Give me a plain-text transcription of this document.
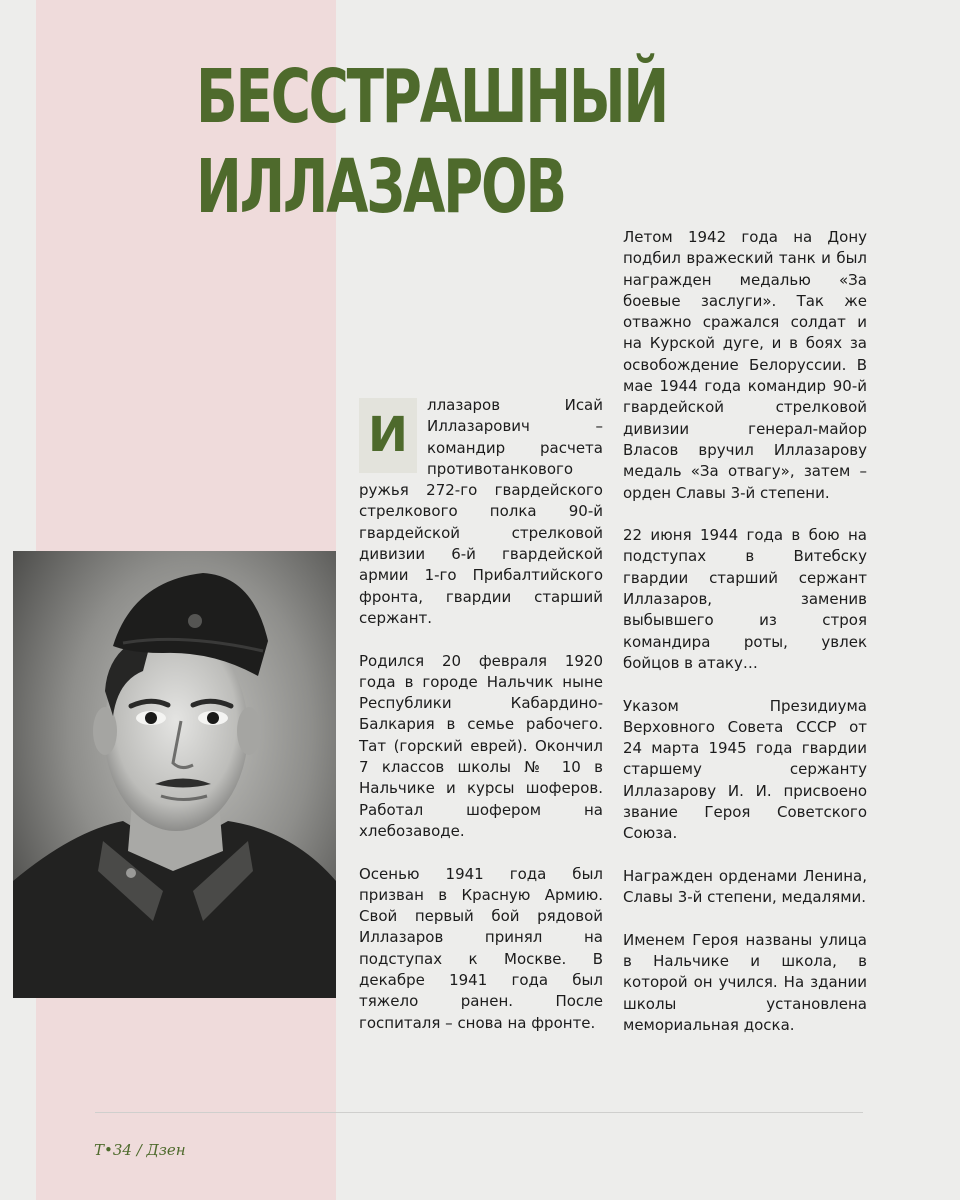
БЕССТРАШНЫЙ
ИЛЛАЗАРОВ
И
ллазаров Исай Иллазарович – командир расчета противотанкового

ружья 272-го гвардейского стрелкового полка 90-й гвардейской стрелковой дивизии 6-й гвардейской армии 1-го Прибалтийского фронта, гвардии старший сержант.

Родился 20 февраля 1920 года в городе Нальчик ныне Республики Кабардино-Балкария в семье рабочего. Тат (горский еврей). Окончил 7 классов школы № 10 в Нальчике и курсы шоферов. Работал шофером на хлебозаводе.

Осенью 1941 года был призван в Красную Армию. Свой первый бой рядовой Иллазаров принял на подступах к Москве. В декабре 1941 года был тяжело ранен. После госпиталя – снова на фронте.

Летом 1942 года на Дону подбил вражеский танк и был награжден медалью «За боевые заслуги». Так же отважно сражался солдат и на Курской дуге, и в боях за освобождение Белоруссии. В мае 1944 года командир 90-й гвардейской стрелковой дивизии генерал-майор Власов вручил Иллазарову медаль «За отвагу», затем – орден Славы 3-й степени.

22 июня 1944 года в бою на подступах в Витебску гвардии старший сержант Иллазаров, заменив выбывшего из строя командира роты, увлек бойцов в атаку…

Указом Президиума Верховного Совета СССР от 24 марта 1945 года гвардии старшему сержанту Иллазарову И. И. присвоено звание Героя Советского Союза.

Награжден орденами Ленина, Славы 3-й степени, медалями.

Именем Героя названы улица в Нальчике и школа, в которой он учился. На здании школы установлена мемориальная доска.

Т•34 / Дзен
